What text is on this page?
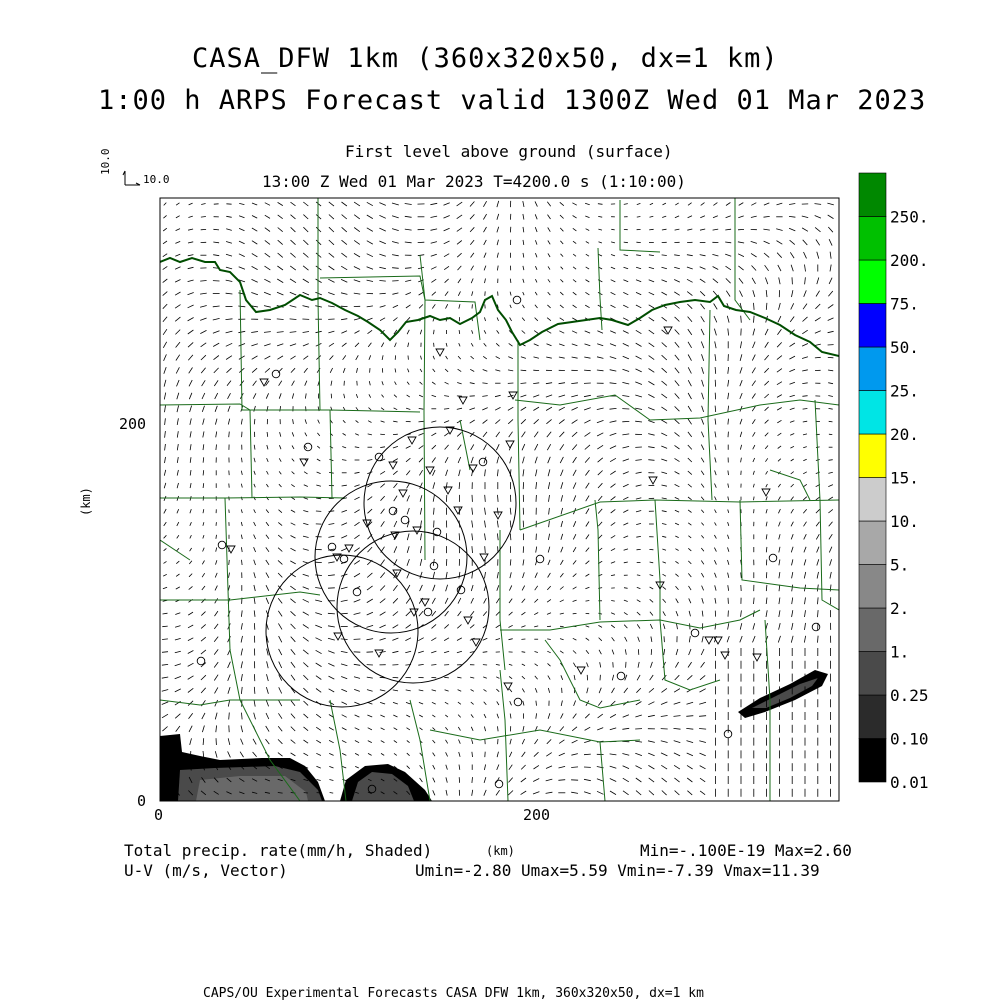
CASA_DFW 1km (360x320x50, dx=1 km)
1:00 h ARPS Forecast valid 1300Z Wed 01 Mar 2023
First level above ground (surface)
13:00 Z Wed 01 Mar 2023 T=4200.0 s (1:10:00)
10.0
10.0
200
0
0	200
(km)
(km)
Total precip. rate(mm/h, Shaded)	Min=-.100E-19 Max=2.60
U-V (m/s, Vector)	Umin=-2.80 Umax=5.59 Vmin=-7.39 Vmax=11.39
CAPS/OU Experimental Forecasts CASA DFW 1km, 360x320x50, dx=1 km
0.01
0.10
0.25
1.
2.
5.
10.
15.
20.
25.
50.
75.
200.
250.
